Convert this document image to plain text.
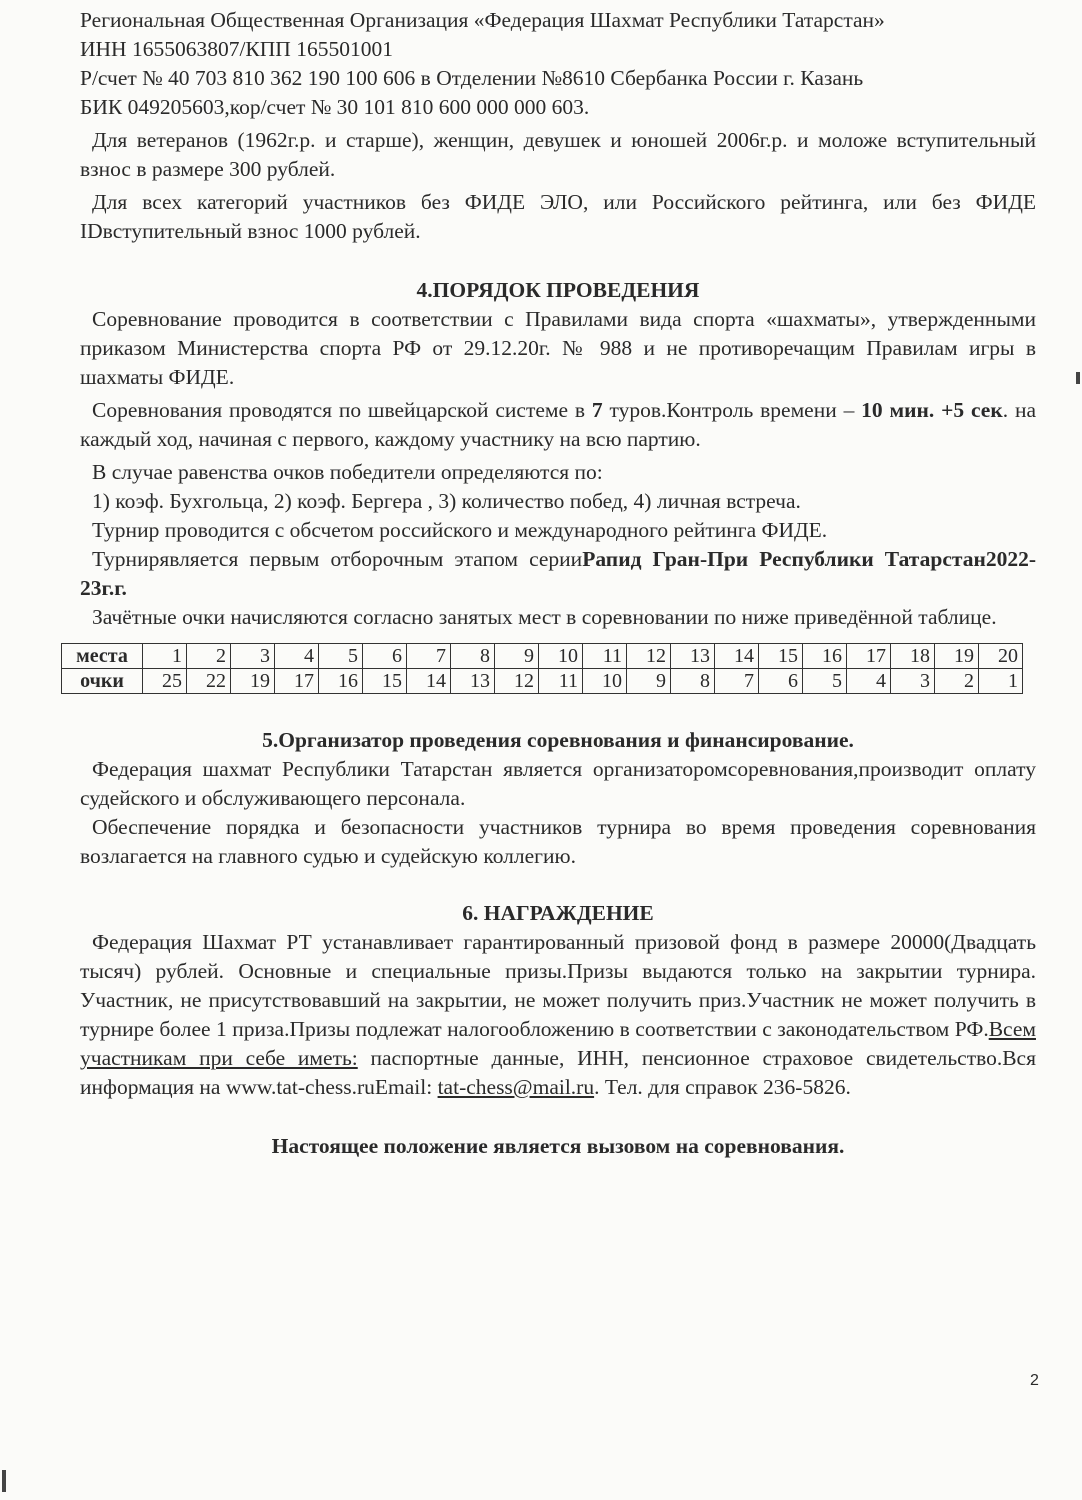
Региональная Общественная Организация «Федерация Шахмат Республики Татарстан»

ИНН 1655063807/КПП 165501001

Р/счет № 40 703 810 362 190 100 606 в Отделении №8610 Сбербанка России г. Казань

БИК 049205603,кор/счет № 30 101 810 600 000 000 603.

Для ветеранов (1962г.р. и старше), женщин, девушек и юношей 2006г.р. и моложе вступительный взнос в размере 300 рублей.

Для всех категорий участников без ФИДЕ ЭЛО, или Российского рейтинга, или без ФИДЕ IDвступительный взнос 1000 рублей.

4.ПОРЯДОК ПРОВЕДЕНИЯ

Соревнование проводится в соответствии с Правилами вида спорта «шахматы», утвержденными приказом Министерства спорта РФ от 29.12.20г. № 988 и не противоречащим Правилам игры в шахматы ФИДЕ.

Соревнования проводятся по швейцарской системе в 7 туров.Контроль времени – 10 мин. +5 сек. на каждый ход, начиная с первого, каждому участнику на всю партию.

В случае равенства очков победители определяются по:

1) коэф. Бухгольца, 2) коэф. Бергера , 3) количество побед, 4) личная встреча.

Турнир проводится с обсчетом российского и международного рейтинга ФИДЕ.

Турнирявляется первым отборочным этапом серииРапид Гран-При Республики Татарстан2022-23г.г.

Зачётные очки начисляются согласно занятых мест в соревновании по ниже приведённой таблице.

места	1	2	3	4	5	6	7	8	9	10	11	12	13	14	15	16	17	18	19	20
очки	25	22	19	17	16	15	14	13	12	11	10	9	8	7	6	5	4	3	2	1

5.Организатор проведения соревнования и финансирование.

Федерация шахмат Республики Татарстан является организаторомсоревнования,производит оплату судейского и обслуживающего персонала.

Обеспечение порядка и безопасности участников турнира во время проведения соревнования возлагается на главного судью и судейскую коллегию.

6. НАГРАЖДЕНИЕ

Федерация Шахмат РТ устанавливает гарантированный призовой фонд в размере 20000(Двадцать тысяч) рублей. Основные и специальные призы.Призы выдаются только на закрытии турнира. Участник, не присутствовавший на закрытии, не может получить приз.Участник не может получить в турнире более 1 приза.Призы подлежат налогообложению в соответствии с законодательством РФ.Всем участникам при себе иметь: паспортные данные, ИНН, пенсионное страховое свидетельство.Вся информация на www.tat-chess.ruEmail: tat-chess@mail.ru. Тел. для справок 236-5826.

Настоящее положение является вызовом на соревнования.

2
